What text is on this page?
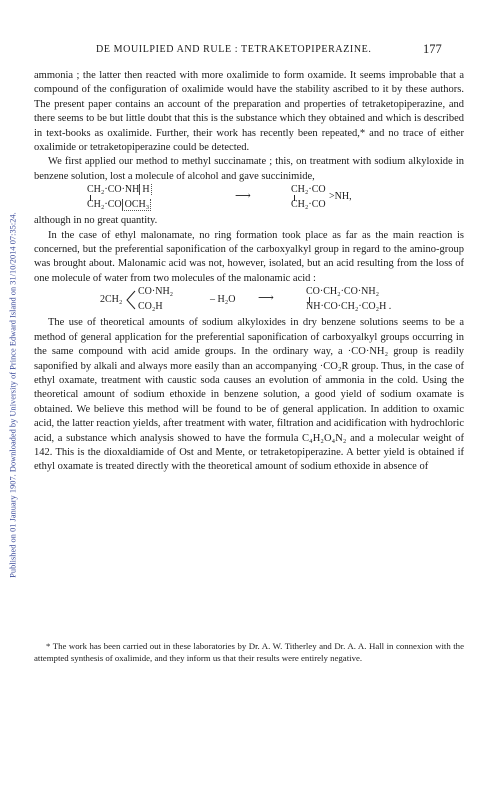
Published on 01 January 1907. Downloaded by University of Prince Edward Island on 31/10/2014 07:35:24.
DE MOUILPIED AND RULE : TETRAKETOPIPERAZINE.	177

ammonia ; the latter then reacted with more oxalimide to form oxamide. It seems improbable that a compound of the configuration of oxalimide would have the stability ascribed to it by these authors. The present paper contains an account of the preparation and properties of tetraketopiperazine, and there seems to be but little doubt that this is the substance which they obtained and which is described in text-books as oxalimide. Further, their work has recently been repeated,* and no trace of either oxalimide or tetraketopiperazine could be detected.

We first applied our method to methyl succinamate ; this, on treatment with sodium alkyloxide in benzene solution, lost a molecule of alcohol and gave succinimide,

CH₂·CO·NH H
CH₂·CO OCH₃
⟶
CH₂·CO
CH₂·CO
>NH,

although in no great quantity.

In the case of ethyl malonamate, no ring formation took place as far as the main reaction is concerned, but the preferential saponification of the carboxyalkyl group in regard to the amino-group was brought about. Malonamic acid was not, however, isolated, but an acid resulting from the loss of one molecule of water from two molecules of the malonamic acid :

2CH₂
CO·NH₂
CO₂H
– H₂O ⟶
CO·CH₂·CO·NH₂
NH·CO·CH₂·CO₂H .

The use of theoretical amounts of sodium alkyloxides in dry benzene solutions seems to be a method of general application for the preferential saponification of carboxyalkyl groups occurring in the same compound with acid amide groups. In the ordinary way, a ·CO·NH₂ group is readily saponified by alkali and always more easily than an accompanying ·CO₂R group. Thus, in the case of ethyl oxamate, treatment with caustic soda causes an evolution of ammonia in the cold. Using the theoretical amount of sodium ethoxide in benzene solution, a good yield of sodium oxamate is obtained. We believe this method will be found to be of general application. In addition to oxamic acid, the latter reaction yields, after treatment with water, filtration and acidification with hydrochloric acid, a substance which analysis showed to have the formula C₄H₂O₄N₂ and a molecular weight of 142. This is the dioxaldiamide of Ost and Mente, or tetraketopiperazine. A better yield is obtained if ethyl oxamate is treated directly with the theoretical amount of sodium ethoxide in absence of

* The work has been carried out in these laboratories by Dr. A. W. Titherley and Dr. A. A. Hall in connexion with the attempted synthesis of oxalimide, and they inform us that their results were entirely negative.
